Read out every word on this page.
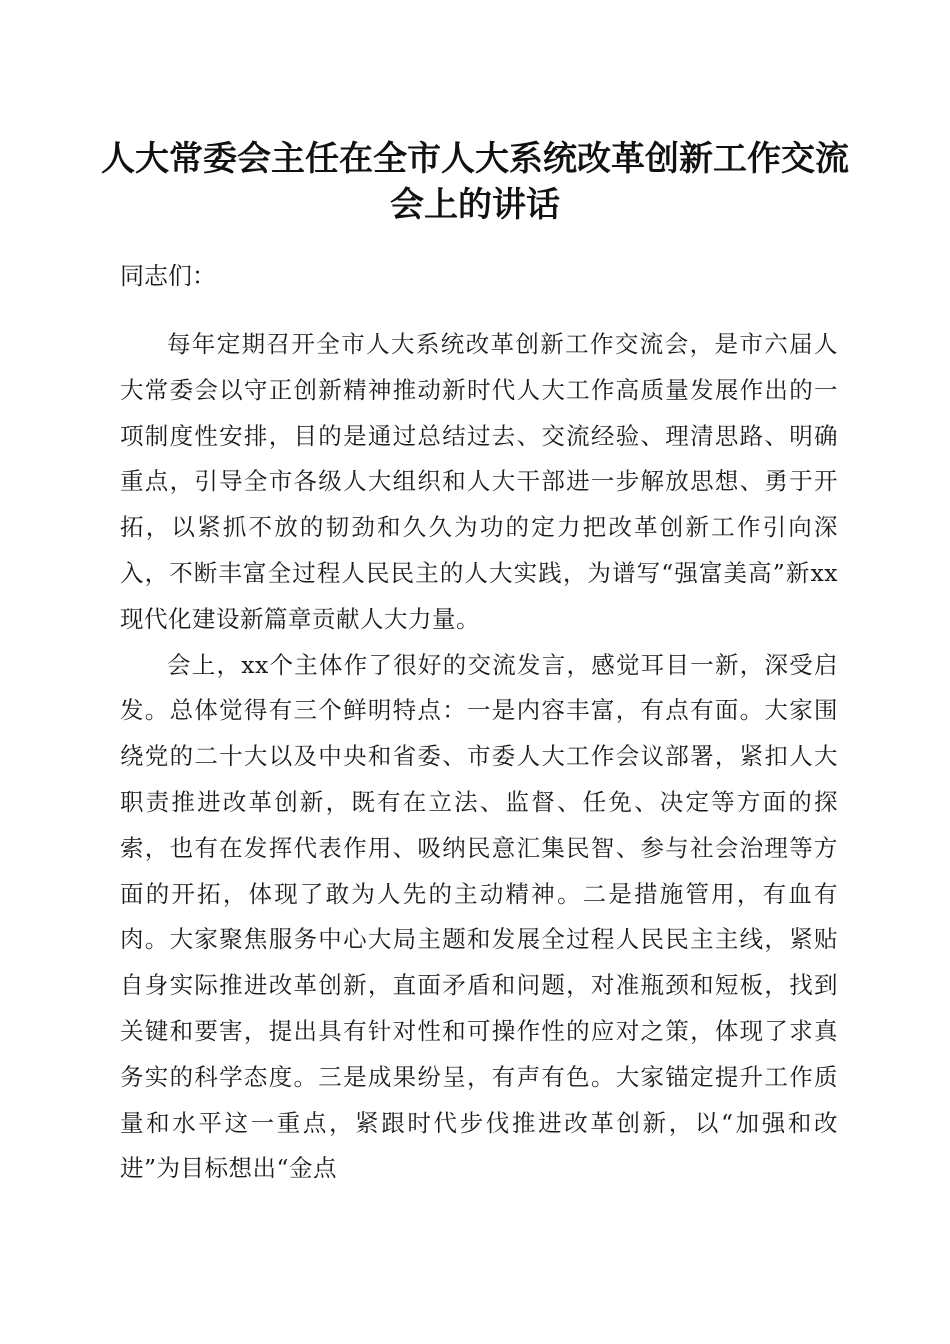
人大常委会主任在全市人大系统改革创新工作交流会上的讲话
同志们：

每年定期召开全市人大系统改革创新工作交流会，是市六届人大常委会以守正创新精神推动新时代人大工作高质量发展作出的一项制度性安排，目的是通过总结过去、交流经验、理清思路、明确重点，引导全市各级人大组织和人大干部进一步解放思想、勇于开拓，以紧抓不放的韧劲和久久为功的定力把改革创新工作引向深入，不断丰富全过程人民民主的人大实践，为谱写“强富美高”新xx现代化建设新篇章贡献人大力量。

会上，xx个主体作了很好的交流发言，感觉耳目一新，深受启发。总体觉得有三个鲜明特点：一是内容丰富，有点有面。大家围绕党的二十大以及中央和省委、市委人大工作会议部署，紧扣人大职责推进改革创新，既有在立法、监督、任免、决定等方面的探索，也有在发挥代表作用、吸纳民意汇集民智、参与社会治理等方面的开拓，体现了敢为人先的主动精神。二是措施管用，有血有肉。大家聚焦服务中心大局主题和发展全过程人民民主主线，紧贴自身实际推进改革创新，直面矛盾和问题，对准瓶颈和短板，找到关键和要害，提出具有针对性和可操作性的应对之策，体现了求真务实的科学态度。三是成果纷呈，有声有色。大家锚定提升工作质量和水平这一重点，紧跟时代步伐推进改革创新，以“加强和改进”为目标想出“金点
